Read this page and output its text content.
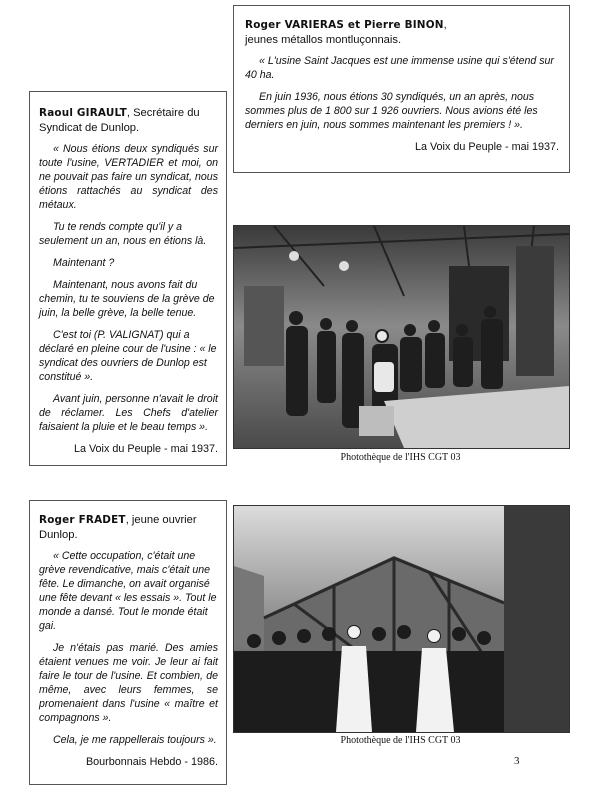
Roger VARIERAS et Pierre BINON,
jeunes métallos montluçonnais.

« L'usine Saint Jacques est une immense usine qui s'étend sur 40 ha.

En juin 1936, nous étions 30 syndiqués, un an après, nous sommes plus de 1 800 sur 1 926 ouvriers. Nous avions été les derniers en juin, nous sommes maintenant les premiers ! ».

La Voix du Peuple - mai 1937.
Raoul GIRAULT, Secrétaire du Syndicat de Dunlop.

« Nous étions deux syndiqués sur toute l'usine, VERTADIER et moi, on ne pouvait pas faire un syndicat, nous étions rattachés au syndicat des métaux.

Tu te rends compte qu'il y a seulement un an, nous en étions là.

Maintenant ?

Maintenant, nous avons fait du chemin, tu te souviens de la grève de juin, la belle grève, la belle tenue.

C'est toi (P. VALIGNAT) qui a déclaré en pleine cour de l'usine : « le syndicat des ouvriers de Dunlop est constitué ».

Avant juin, personne n'avait le droit de réclamer. Les Chefs d'atelier faisaient la pluie et le beau temps ».

La Voix du Peuple - mai 1937.
Roger FRADET, jeune ouvrier Dunlop.

« Cette occupation, c'était une grève revendicative, mais c'était une fête. Le dimanche, on avait organisé une fête devant « les essais ». Tout le monde a dansé. Tout le monde était gai.

Je n'étais pas marié. Des amies étaient venues me voir. Je leur ai fait faire le tour de l'usine. Et combien, de même, avec leurs femmes, se promenaient dans l'usine « maître et compagnons ».

Cela, je me rappellerais toujours ».

Bourbonnais Hebdo - 1986.
Photothèque de l'IHS CGT 03
Photothèque de l'IHS CGT 03
3
